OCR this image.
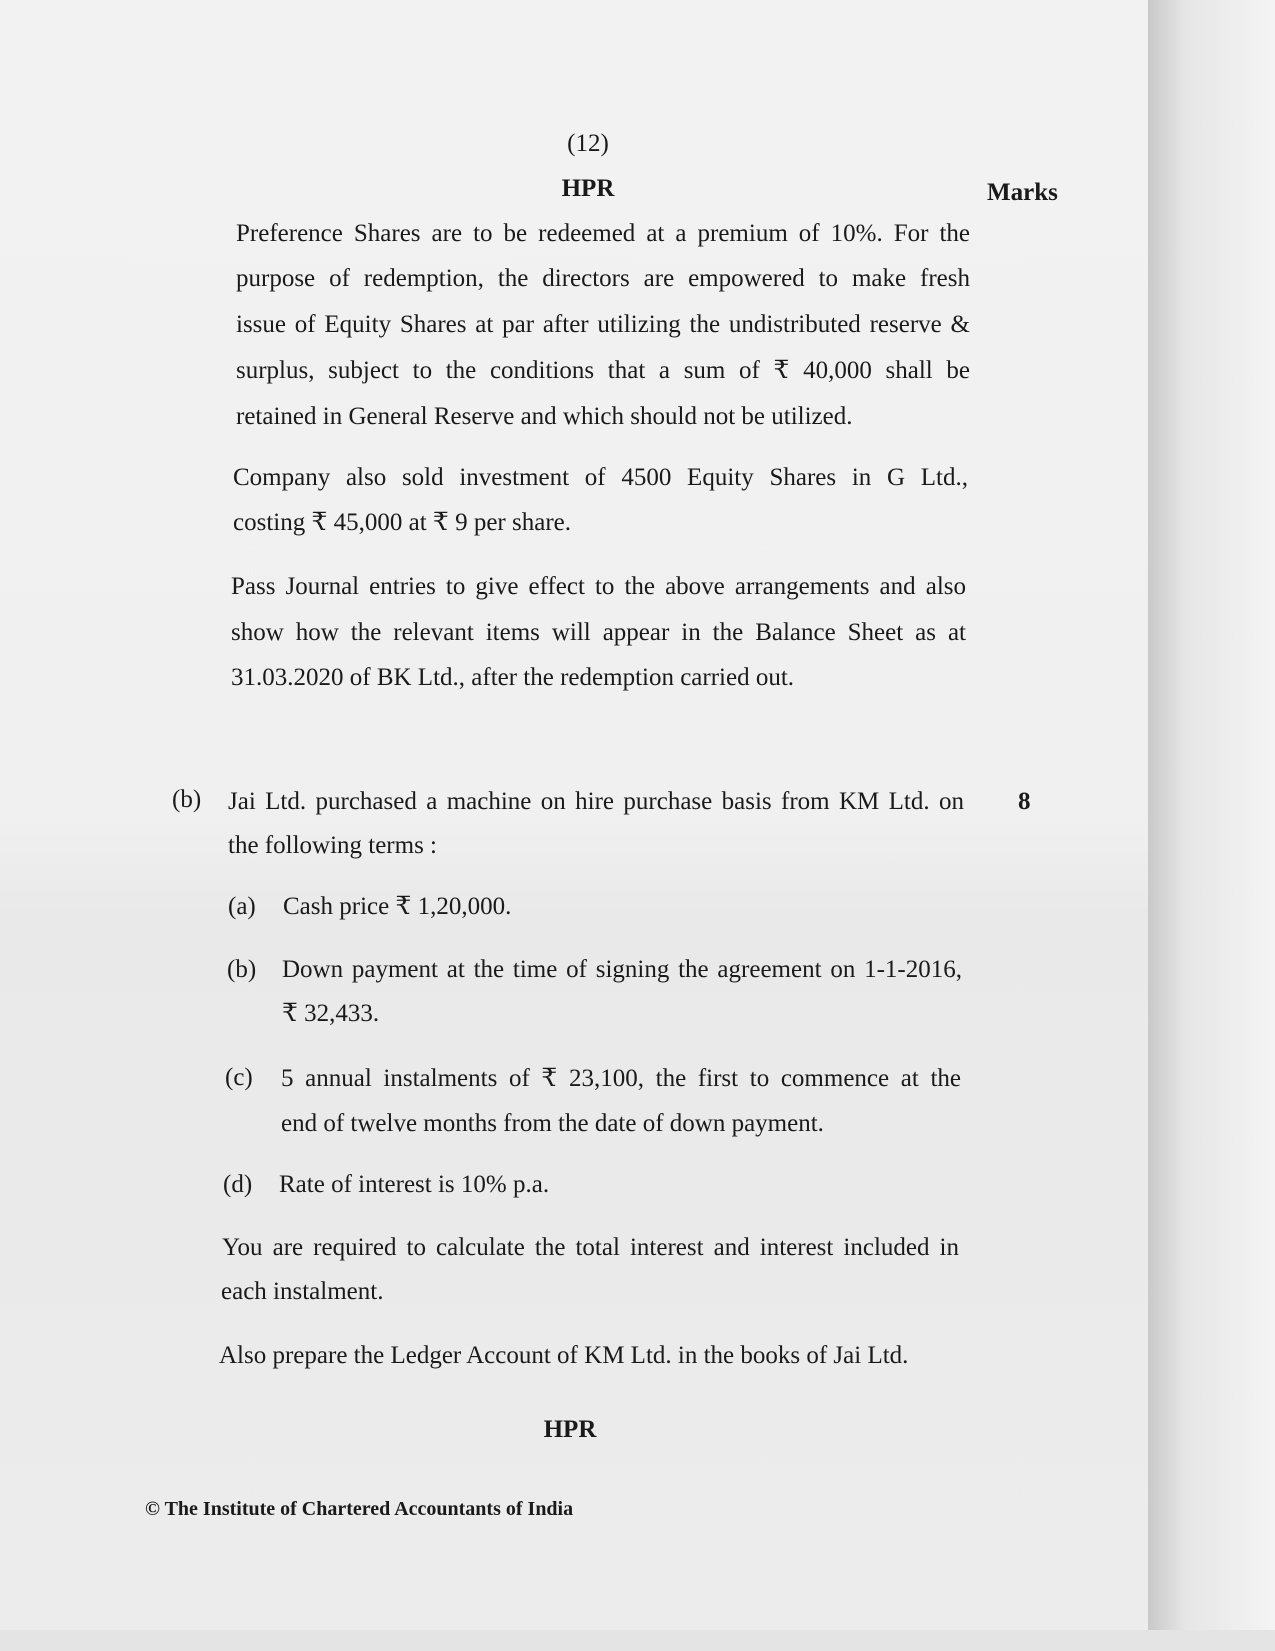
(12)
HPR	Marks
Preference Shares are to be redeemed at a premium of 10%. For the
purpose of redemption, the directors are empowered to make fresh
issue of Equity Shares at par after utilizing the undistributed reserve &
surplus, subject to the conditions that a sum of ₹ 40,000 shall be
retained in General Reserve and which should not be utilized.
Company also sold investment of 4500 Equity Shares in G Ltd.,
costing ₹ 45,000 at ₹ 9 per share.
Pass Journal entries to give effect to the above arrangements and also
show how the relevant items will appear in the Balance Sheet as at
31.03.2020 of BK Ltd., after the redemption carried out.
(b) Jai Ltd. purchased a machine on hire purchase basis from KM Ltd. on 8
the following terms :
(a) Cash price ₹ 1,20,000.
(b) Down payment at the time of signing the agreement on 1-1-2016,
₹ 32,433.
(c) 5 annual instalments of ₹ 23,100, the first to commence at the
end of twelve months from the date of down payment.
(d) Rate of interest is 10% p.a.
You are required to calculate the total interest and interest included in
each instalment.
Also prepare the Ledger Account of KM Ltd. in the books of Jai Ltd.
HPR
© The Institute of Chartered Accountants of India
